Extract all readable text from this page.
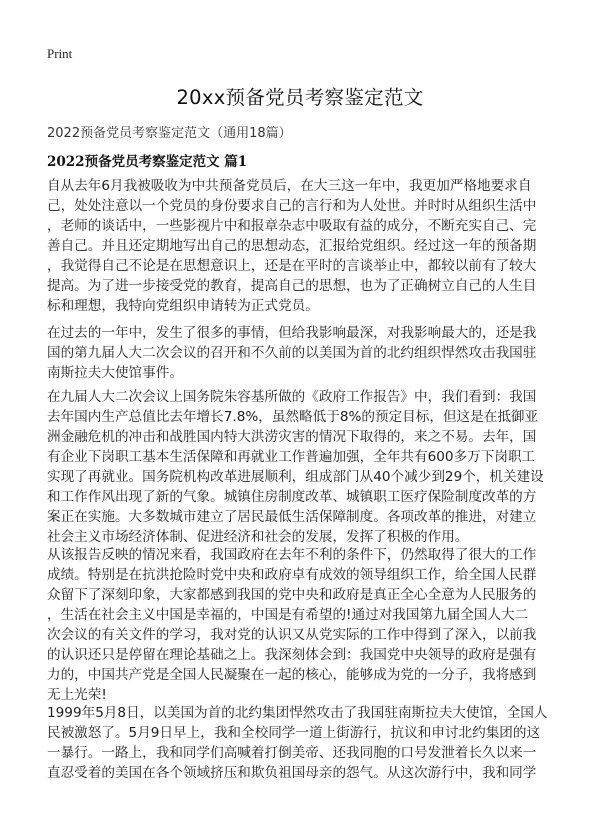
Print
20xx预备党员考察鉴定范文
2022预备党员考察鉴定范文（通用18篇）
2022预备党员考察鉴定范文 篇1
自从去年6月我被吸收为中共预备党员后，在大三这一年中，我更加严格地要求自
己，处处注意以一个党员的身份要求自己的言行和为人处世。并时时从组织生活中
，老师的谈话中，一些影视片中和报章杂志中吸取有益的成分，不断充实自己、完
善自己。并且还定期地写出自己的思想动态，汇报给党组织。经过这一年的预备期
，我觉得自己不论是在思想意识上，还是在平时的言谈举止中，都较以前有了较大
提高。为了进一步接受党的教育，提高自己的思想，也为了正确树立自己的人生目
标和理想，我特向党组织申请转为正式党员。
在过去的一年中，发生了很多的事情，但给我影响最深，对我影响最大的，还是我
国的第九届人大二次会议的召开和不久前的以美国为首的北约组织悍然攻击我国驻
南斯拉夫大使馆事件。
在九届人大二次会议上国务院朱容基所做的《政府工作报告》中，我们看到：我国
去年国内生产总值比去年增长7.8%，虽然略低于8%的预定目标，但这是在抵御亚
洲金融危机的冲击和战胜国内特大洪涝灾害的情况下取得的，来之不易。去年，国
有企业下岗职工基本生活保障和再就业工作普遍加强，全年共有600多万下岗职工
实现了再就业。国务院机构改革进展顺利，组成部门从40个减少到29个，机关建设
和工作作风出现了新的气象。城镇住房制度改革、城镇职工医疗保险制度改革的方
案正在实施。大多数城市建立了居民最低生活保障制度。各项改革的推进，对建立
社会主义市场经济体制、促进经济和社会的发展，发挥了积极的作用。
从该报告反映的情况来看，我国政府在去年不利的条件下，仍然取得了很大的工作
成绩。特别是在抗洪抢险时党中央和政府卓有成效的领导组织工作，给全国人民群
众留下了深刻印象，大家都感到我国的党中央和政府是真正全心全意为人民服务的
，生活在社会主义中国是幸福的，中国是有希望的!通过对我国第九届全国人大二
次会议的有关文件的学习，我对党的认识又从党实际的工作中得到了深入，以前我
的认识还只是停留在理论基础之上。我深刻体会到：我国党中央领导的政府是强有
力的，中国共产党是全国人民凝聚在一起的核心，能够成为党的一分子，我将感到
无上光荣!
1999年5月8日，以美国为首的北约集团悍然攻击了我国驻南斯拉夫大使馆，全国人
民被激怒了。5月9日早上，我和全校同学一道上街游行，抗议和申讨北约集团的这
一暴行。一路上，我和同学们高喊着打倒美帝、还我同胞的口号发泄着长久以来一
直忍受着的美国在各个领域挤压和欺负祖国母亲的怨气。从这次游行中，我和同学
